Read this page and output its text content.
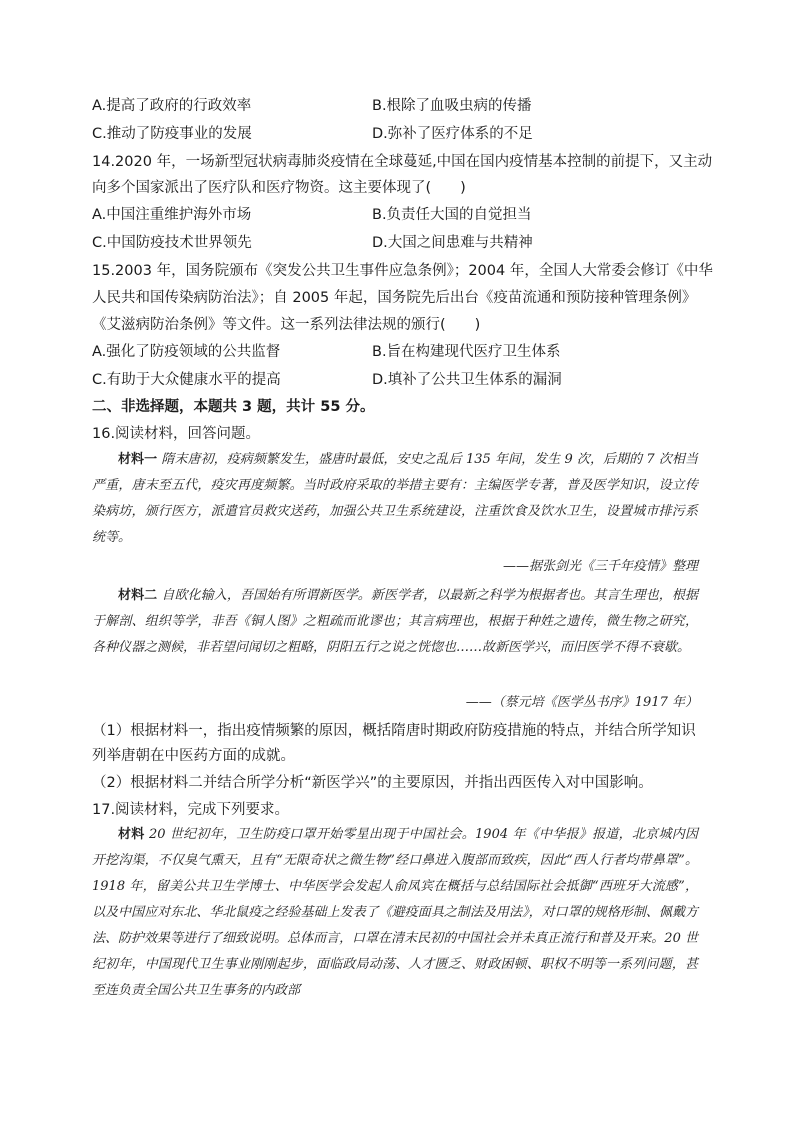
A.提高了政府的行政效率	B.根除了血吸虫病的传播
C.推动了防疫事业的发展	D.弥补了医疗体系的不足
14.2020 年，一场新型冠状病毒肺炎疫情在全球蔓延,中国在国内疫情基本控制的前提下，又主动
向多个国家派出了医疗队和医疗物资。这主要体现了(　　)
A.中国注重维护海外市场	B.负责任大国的自觉担当
C.中国防疫技术世界领先	D.大国之间患难与共精神
15.2003 年，国务院颁布《突发公共卫生事件应急条例》；2004 年，全国人大常委会修订《中华
人民共和国传染病防治法》；自 2005 年起，国务院先后出台《疫苗流通和预防接种管理条例》
《艾滋病防治条例》等文件。这一系列法律法规的颁行(　　)
A.强化了防疫领域的公共监督	B.旨在构建现代医疗卫生体系
C.有助于大众健康水平的提高	D.填补了公共卫生体系的漏洞
二、非选择题，本题共 3 题，共计 55 分。
16.阅读材料，回答问题。
材料一 隋末唐初，疫病频繁发生，盛唐时最低，安史之乱后 135 年间，发生 9 次，后期的 7 次相当严重，唐末至五代，疫灾再度频繁。当时政府采取的举措主要有：主编医学专著，普及医学知识，设立传染病坊，颁行医方，派遣官员救灾送药，加强公共卫生系统建设，注重饮食及饮水卫生，设置城市排污系统等。
——据张剑光《三千年疫情》整理
材料二 自欧化输入，吾国始有所谓新医学。新医学者，以最新之科学为根据者也。其言生理也，根据于解剖、组织等学，非吾《铜人图》之粗疏而讹谬也；其言病理也，根据于种姓之遗传，微生物之研究，各种仪器之测候，非若望问闻切之粗略，阴阳五行之说之恍惚也……故新医学兴，而旧医学不得不衰歇。
——（蔡元培《医学丛书序》1917 年）
（1）根据材料一，指出疫情频繁的原因，概括隋唐时期政府防疫措施的特点，并结合所学知识列举唐朝在中医药方面的成就。
（2）根据材料二并结合所学分析“新医学兴”的主要原因，并指出西医传入对中国影响。
17.阅读材料，完成下列要求。
材料 20 世纪初年，卫生防疫口罩开始零星出现于中国社会。1904 年《中华报》报道，北京城内因开挖沟渠，不仅臭气熏天，且有“无限奇状之微生物”经口鼻进入腹部而致疾，因此“西人行者均带鼻罩”。1918 年，留美公共卫生学博士、中华医学会发起人俞凤宾在概括与总结国际社会抵御“西班牙大流感”，以及中国应对东北、华北鼠疫之经验基础上发表了《避疫面具之制法及用法》，对口罩的规格形制、佩戴方法、防护效果等进行了细致说明。总体而言，口罩在清末民初的中国社会并未真正流行和普及开来。20 世纪初年，中国现代卫生事业刚刚起步，面临政局动荡、人才匮乏、财政困顿、职权不明等一系列问题，甚至连负责全国公共卫生事务的内政部
